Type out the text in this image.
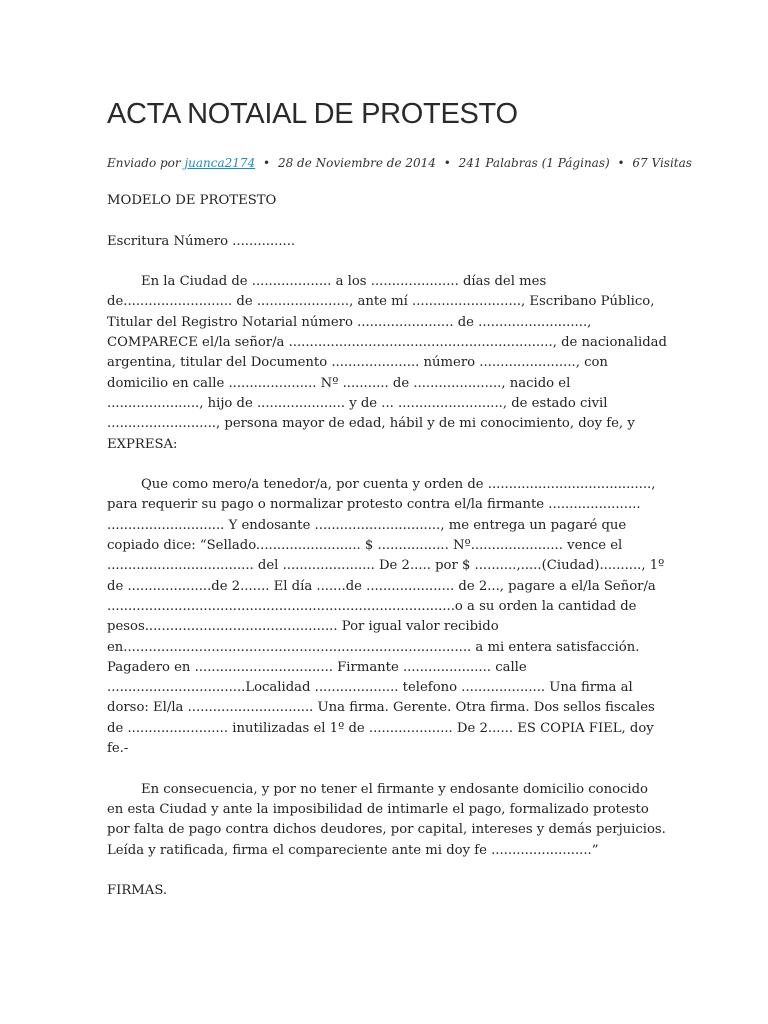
ACTA NOTAIAL DE PROTESTO
Enviado por juanca2174 • 28 de Noviembre de 2014 • 241 Palabras (1 Páginas) • 67 Visitas

MODELO DE PROTESTO

Escritura Número ...............

En la Ciudad de ................... a los ..................... días del mes de.......................... de ......................, ante mí .........................., Escribano Público, Titular del Registro Notarial número ....................... de .........................., COMPARECE el/la señor/a ..............................................................., de nacionalidad argentina, titular del Documento ..................... número ......................., con domicilio en calle ..................... Nº ........... de ....................., nacido el ......................, hijo de ..................... y de ... ........................., de estado civil .........................., persona mayor de edad, hábil y de mi conocimiento, doy fe, y EXPRESA:

Que como mero/a tenedor/a, por cuenta y orden de ......................................., para requerir su pago o normalizar protesto contra el/la firmante ...................... ............................ Y endosante .............................., me entrega un pagaré que copiado dice: “Sellado......................... $ ................. Nº...................... vence el ................................... del ...................... De 2..... por $ ..........,.....(Ciudad).........., 1º de ....................de 2....... El día .......de ..................... de 2..., pagare a el/la Señor/a ...................................................................................o a su orden la cantidad de pesos.............................................. Por igual valor recibido en................................................................................... a mi entera satisfacción. Pagadero en ................................. Firmante ..................... calle .................................Localidad .................... telefono .................... Una firma al dorso: El/la .............................. Una firma. Gerente. Otra firma. Dos sellos fiscales de ........................ inutilizadas el 1º de .................... De 2...... ES COPIA FIEL, doy fe.-

En consecuencia, y por no tener el firmante y endosante domicilio conocido en esta Ciudad y ante la imposibilidad de intimarle el pago, formalizado protesto por falta de pago contra dichos deudores, por capital, intereses y demás perjuicios. Leída y ratificada, firma el compareciente ante mi doy fe ........................”

FIRMAS.
